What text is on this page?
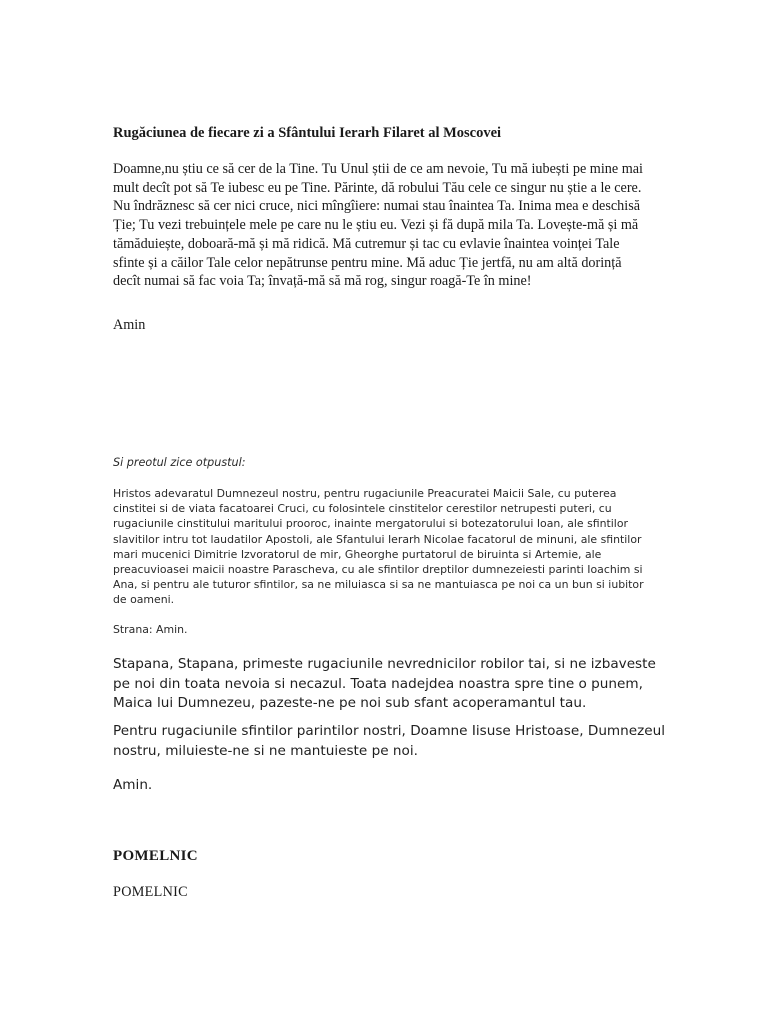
Rugăciunea de fiecare zi a Sfântului Ierarh Filaret al Moscovei

Doamne,nu știu ce să cer de la Tine. Tu Unul știi de ce am nevoie, Tu mă iubești pe mine mai mult decît pot să Te iubesc eu pe Tine. Părinte, dă robului Tău cele ce singur nu știe a le cere. Nu îndrăznesc să cer nici cruce, nici mîngîiere: numai stau înaintea Ta. Inima mea e deschisă Ție; Tu vezi trebuințele mele pe care nu le știu eu. Vezi și fă după mila Ta. Lovește-mă și mă tămăduiește, doboară-mă și mă ridică. Mă cutremur și tac cu evlavie înaintea voinței Tale sfinte și a căilor Tale celor nepătrunse pentru mine. Mă aduc Ție jertfă, nu am altă dorință decît numai să fac voia Ta; învață-mă să mă rog, singur roagă-Te în mine!

Amin

Si preotul zice otpustul:

Hristos adevaratul Dumnezeul nostru, pentru rugaciunile Preacuratei Maicii Sale, cu puterea cinstitei si de viata facatoarei Cruci, cu folosintele cinstitelor cerestilor netrupesti puteri, cu rugaciunile cinstitului maritului prooroc, inainte mergatorului si botezatorului Ioan, ale sfintilor slavitilor intru tot laudatilor Apostoli, ale Sfantului Ierarh Nicolae facatorul de minuni, ale sfintilor mari mucenici Dimitrie Izvoratorul de mir, Gheorghe purtatorul de biruinta si Artemie, ale preacuvioasei maicii noastre Parascheva, cu ale sfintilor dreptilor dumnezeiesti parinti Ioachim si Ana, si pentru ale tuturor sfintilor, sa ne miluiasca si sa ne mantuiasca pe noi ca un bun si iubitor de oameni.

Strana: Amin.

Stapana, Stapana, primeste rugaciunile nevrednicilor robilor tai, si ne izbaveste pe noi din toata nevoia si necazul. Toata nadejdea noastra spre tine o punem, Maica lui Dumnezeu, pazeste-ne pe noi sub sfant acoperamantul tau.

Pentru rugaciunile sfintilor parintilor nostri, Doamne Iisuse Hristoase, Dumnezeul nostru, miluieste-ne si ne mantuieste pe noi.

Amin.

POMELNIC

POMELNIC
